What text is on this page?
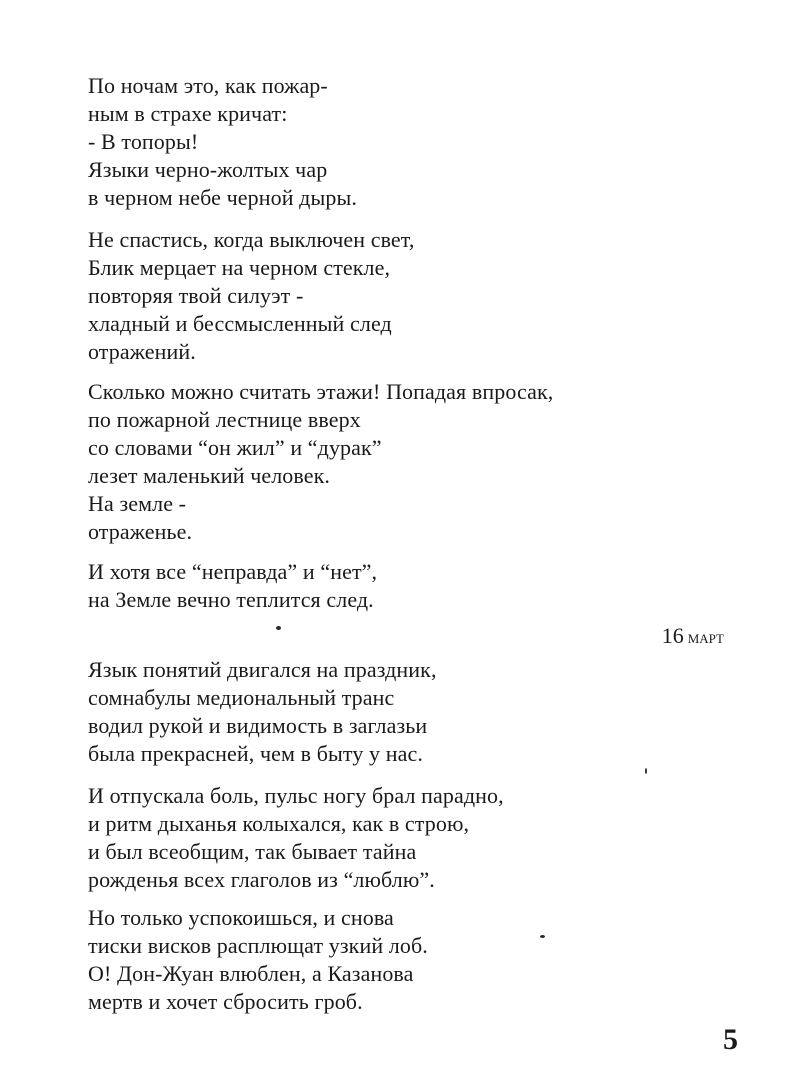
По ночам это, как пожар-
ным в страхе кричат:
- В топоры!
Языки черно-жолтых чар
в черном небе черной дыры.
Не спастись, когда выключен свет,
Блик мерцает на черном стекле,
повторяя твой силуэт -
хладный и бессмысленный след
отражений.
Сколько можно считать этажи! Попадая впросак,
по пожарной лестнице вверх
со словами “он жил” и “дурак”
лезет маленький человек.
На земле -
отраженье.
И хотя все “неправда” и “нет”,
на Земле вечно теплится след.
16 март
Язык понятий двигался на праздник,
сомнабулы медиональный транс
водил рукой и видимость в заглазьи
была прекрасней, чем в быту у нас.
И отпускала боль, пульс ногу брал парадно,
и ритм дыханья колыхался, как в строю,
и был всеобщим, так бывает тайна
рожденья всех глаголов из “люблю”.
Но только успокоишься, и снова
тиски висков расплющат узкий лоб.
О! Дон-Жуан влюблен, а Казанова
мертв и хочет сбросить гроб.
5
